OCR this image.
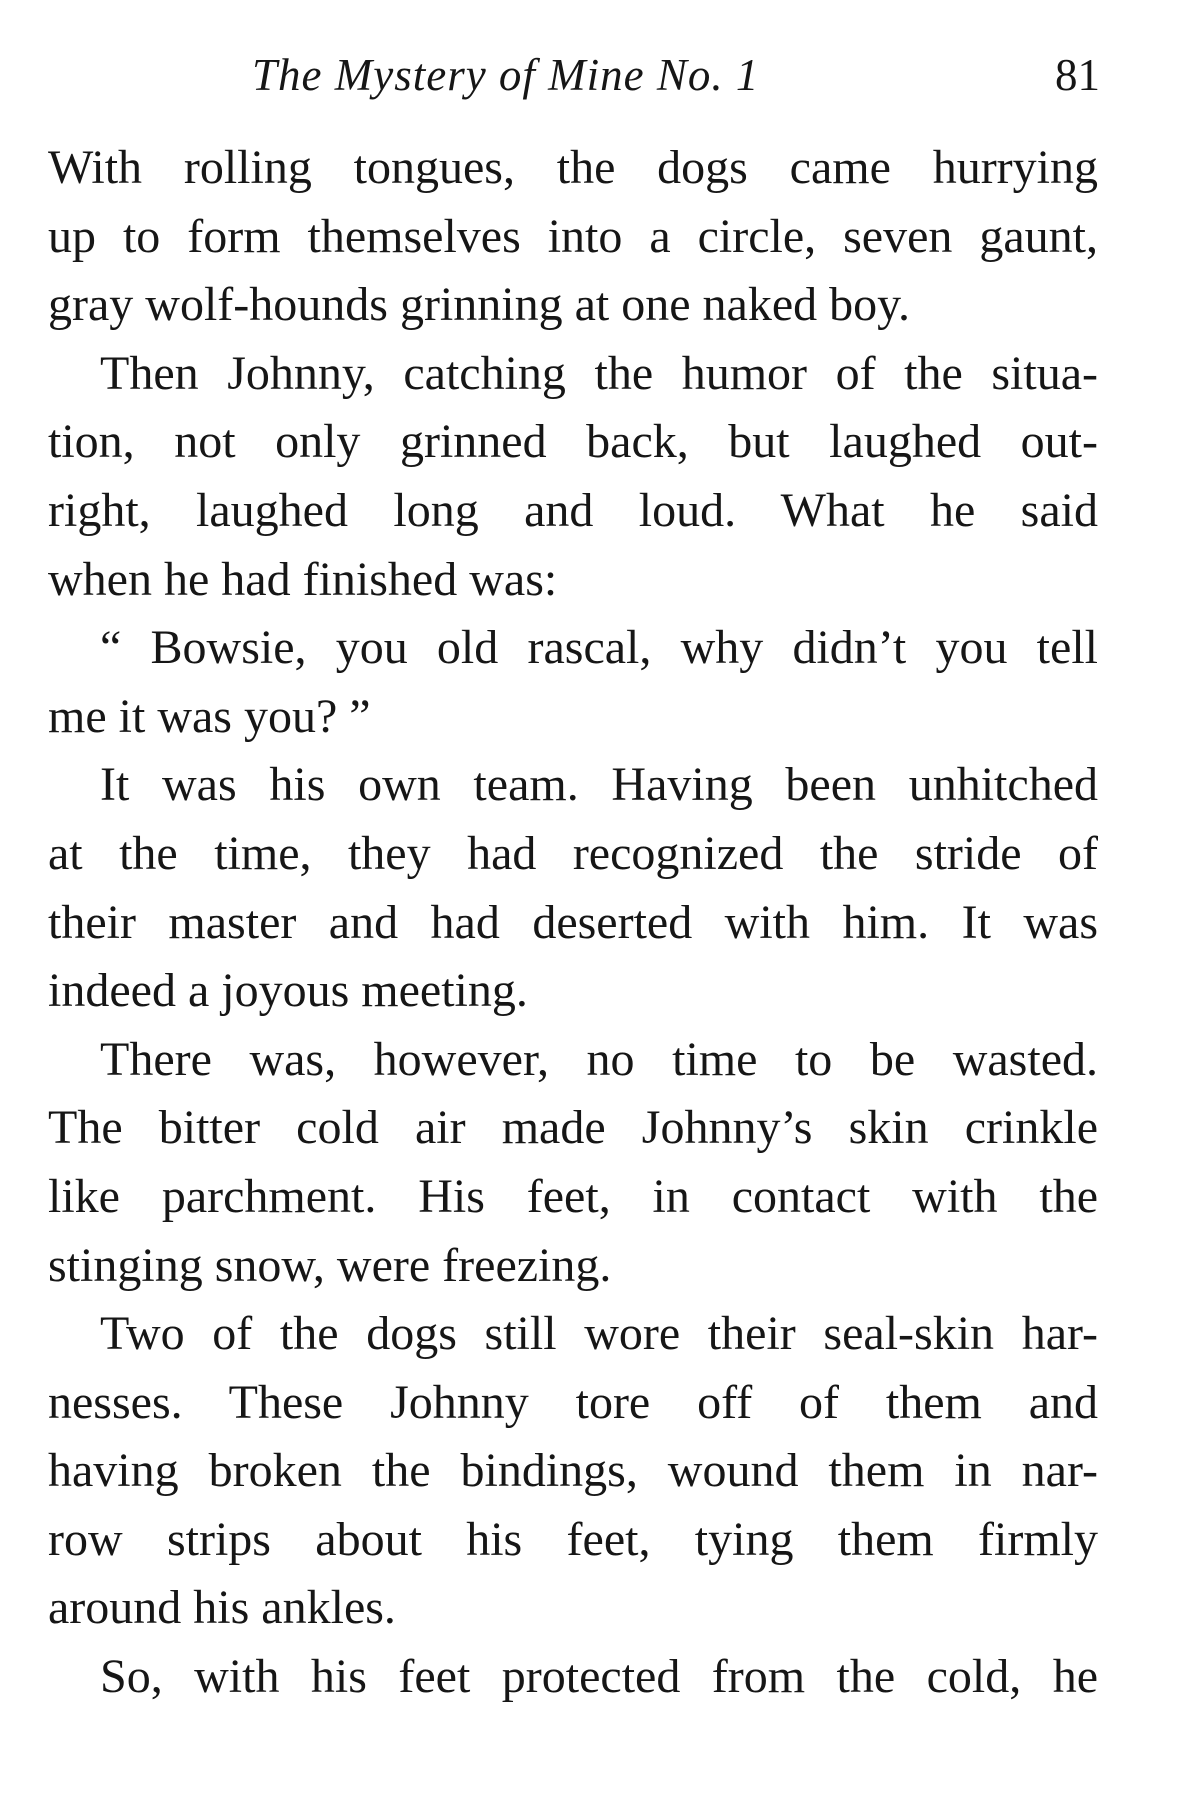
The Mystery of Mine No. 1	81
With rolling tongues, the dogs came hurrying
up to form themselves into a circle, seven gaunt,
gray wolf-hounds grinning at one naked boy.
Then Johnny, catching the humor of the situa-
tion, not only grinned back, but laughed out-
right, laughed long and loud. What he said
when he had finished was:
“ Bowsie, you old rascal, why didn’t you tell
me it was you? ”
It was his own team. Having been unhitched
at the time, they had recognized the stride of
their master and had deserted with him. It was
indeed a joyous meeting.
There was, however, no time to be wasted.
The bitter cold air made Johnny’s skin crinkle
like parchment. His feet, in contact with the
stinging snow, were freezing.
Two of the dogs still wore their seal-skin har-
nesses. These Johnny tore off of them and
having broken the bindings, wound them in nar-
row strips about his feet, tying them firmly
around his ankles.
So, with his feet protected from the cold, he
